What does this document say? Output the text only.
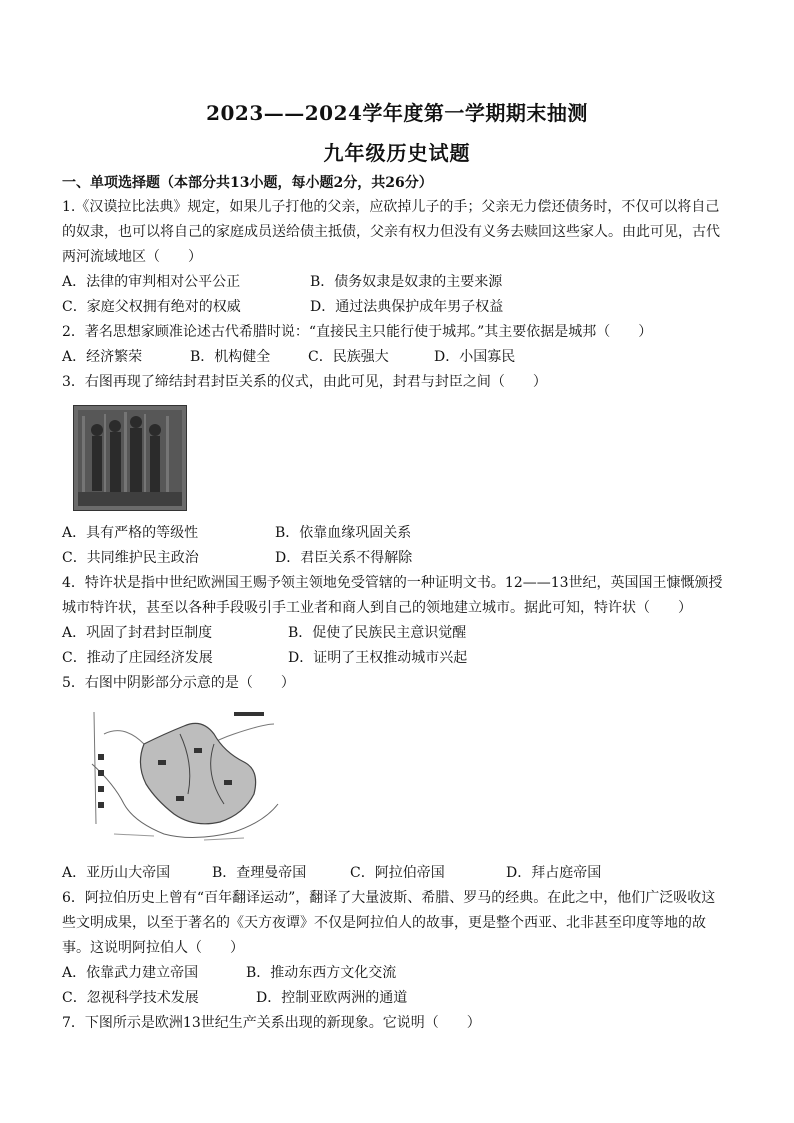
2023——2024学年度第一学期期末抽测
九年级历史试题
一、单项选择题（本部分共13小题，每小题2分，共26分）
1.《汉谟拉比法典》规定，如果儿子打他的父亲，应砍掉儿子的手；父亲无力偿还债务时，不仅可以将自己
的奴隶，也可以将自己的家庭成员送给债主抵债，父亲有权力但没有义务去赎回这些家人。由此可见，古代
两河流域地区（　　）
A．法律的审判相对公平公正	B．债务奴隶是奴隶的主要来源
C．家庭父权拥有绝对的权威	D．通过法典保护成年男子权益
2．著名思想家顾准论述古代希腊时说：“直接民主只能行使于城邦。”其主要依据是城邦（　　）
A．经济繁荣	B．机构健全	C．民族强大	D．小国寡民
3．右图再现了缔结封君封臣关系的仪式，由此可见，封君与封臣之间（　　）
A．具有严格的等级性	B．依靠血缘巩固关系
C．共同维护民主政治	D．君臣关系不得解除
4．特许状是指中世纪欧洲国王赐予领主领地免受管辖的一种证明文书。12——13世纪，英国国王慷慨颁授
城市特许状，甚至以各种手段吸引手工业者和商人到自己的领地建立城市。据此可知，特许状（　　）
A．巩固了封君封臣制度	B．促使了民族民主意识觉醒
C．推动了庄园经济发展	D．证明了王权推动城市兴起
5．右图中阴影部分示意的是（　　）
A．亚历山大帝国	B．查理曼帝国	C．阿拉伯帝国	D．拜占庭帝国
6．阿拉伯历史上曾有“百年翻译运动”，翻译了大量波斯、希腊、罗马的经典。在此之中，他们广泛吸收这
些文明成果，以至于著名的《天方夜谭》不仅是阿拉伯人的故事，更是整个西亚、北非甚至印度等地的故
事。这说明阿拉伯人（　　）
A．依靠武力建立帝国	B．推动东西方文化交流
C．忽视科学技术发展	D．控制亚欧两洲的通道
7．下图所示是欧洲13世纪生产关系出现的新现象。它说明（　　）
